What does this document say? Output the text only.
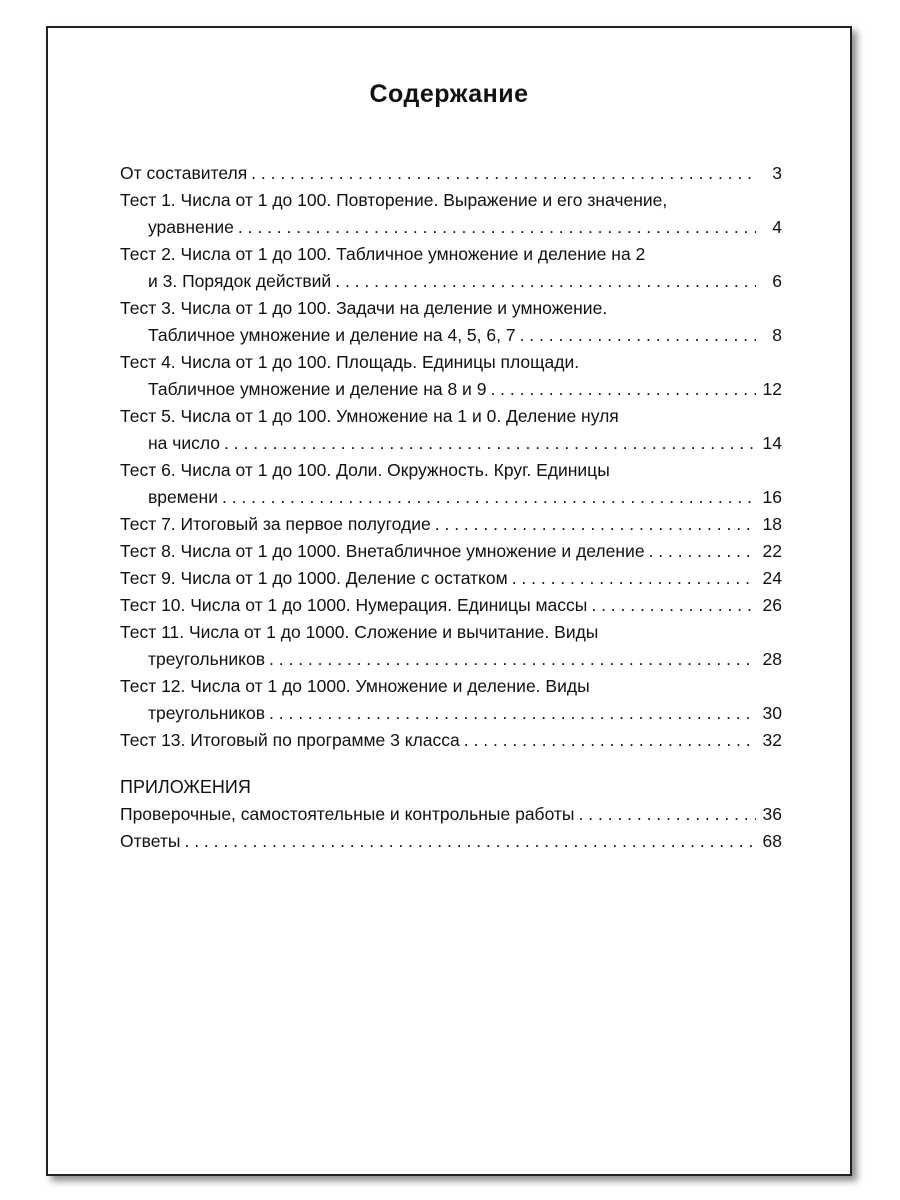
Содержание
От составителя . . .	3
Тест 1. Числа от 1 до 100. Повторение. Выражение и его значение,
уравнение . . .	4
Тест 2. Числа от 1 до 100. Табличное умножение и деление на 2
и 3. Порядок действий . . .	6
Тест 3. Числа от 1 до 100. Задачи на деление и умножение.
Табличное умножение и деление на 4, 5, 6, 7 . . .	8
Тест 4. Числа от 1 до 100. Площадь. Единицы площади.
Табличное умножение и деление на 8 и 9 . . .	12
Тест 5. Числа от 1 до 100. Умножение на 1 и 0. Деление нуля
на число . . .	14
Тест 6. Числа от 1 до 100. Доли. Окружность. Круг. Единицы
времени . . .	16
Тест 7. Итоговый за первое полугодие . . .	18
Тест 8. Числа от 1 до 1000. Внетабличное умножение и деление . . .	22
Тест 9. Числа от 1 до 1000. Деление с остатком . . .	24
Тест 10. Числа от 1 до 1000. Нумерация. Единицы массы . . .	26
Тест 11. Числа от 1 до 1000. Сложение и вычитание. Виды
треугольников . . .	28
Тест 12. Числа от 1 до 1000. Умножение и деление. Виды
треугольников . . .	30
Тест 13. Итоговый по программе 3 класса . . .	32
ПРИЛОЖЕНИЯ
Проверочные, самостоятельные и контрольные работы . . .	36
Ответы . . .	68
